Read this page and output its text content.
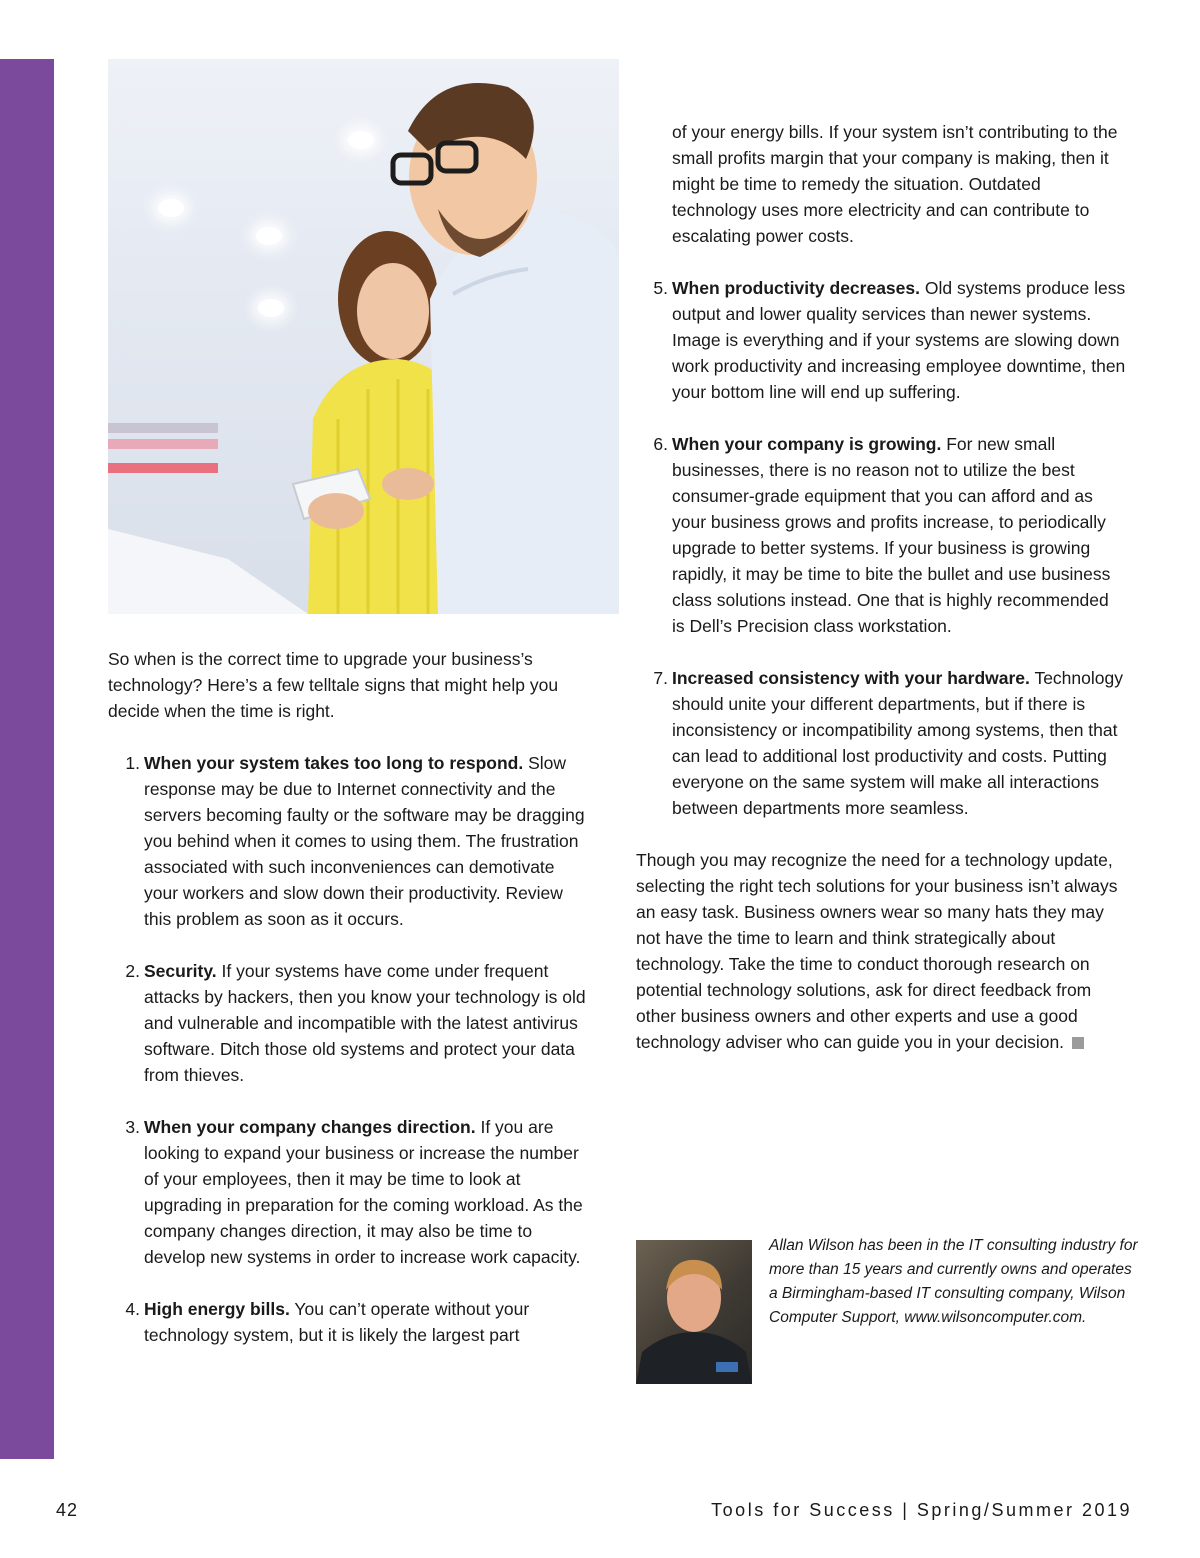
So when is the correct time to upgrade your business’s technology? Here’s a few telltale signs that might help you decide when the time is right.

1. When your system takes too long to respond. Slow response may be due to Internet connectivity and the servers becoming faulty or the software may be dragging you behind when it comes to using them. The frustration associated with such inconveniences can demotivate your workers and slow down their productivity. Review this problem as soon as it occurs.

2. Security. If your systems have come under frequent attacks by hackers, then you know your technology is old and vulnerable and incompatible with the latest antivirus software. Ditch those old systems and protect your data from thieves.

3. When your company changes direction. If you are looking to expand your business or increase the number of your employees, then it may be time to look at upgrading in preparation for the coming workload. As the company changes direction, it may also be time to develop new systems in order to increase work capacity.

4. High energy bills. You can’t operate without your technology system, but it is likely the largest part

of your energy bills. If your system isn’t contributing to the small profits margin that your company is making, then it might be time to remedy the situation. Outdated technology uses more electricity and can contribute to escalating power costs.

5. When productivity decreases. Old systems produce less output and lower quality services than newer systems. Image is everything and if your systems are slowing down work productivity and increasing employee downtime, then your bottom line will end up suffering.

6. When your company is growing. For new small businesses, there is no reason not to utilize the best consumer-grade equipment that you can afford and as your business grows and profits increase, to periodically upgrade to better systems. If your business is growing rapidly, it may be time to bite the bullet and use business class solutions instead. One that is highly recommended is Dell’s Precision class workstation.

7. Increased consistency with your hardware. Technology should unite your different departments, but if there is inconsistency or incompatibility among systems, then that can lead to additional lost productivity and costs. Putting everyone on the same system will make all interactions between departments more seamless.

Though you may recognize the need for a technology update, selecting the right tech solutions for your business isn’t always an easy task. Business owners wear so many hats they may not have the time to learn and think strategically about technology. Take the time to conduct thorough research on potential technology solutions, ask for direct feedback from other business owners and other experts and use a good technology adviser who can guide you in your decision.

Allan Wilson has been in the IT consulting industry for more than 15 years and currently owns and operates a Birmingham-based IT consulting company, Wilson Computer Support, www.wilsoncomputer.com.

42	Tools for Success | Spring/Summer 2019
